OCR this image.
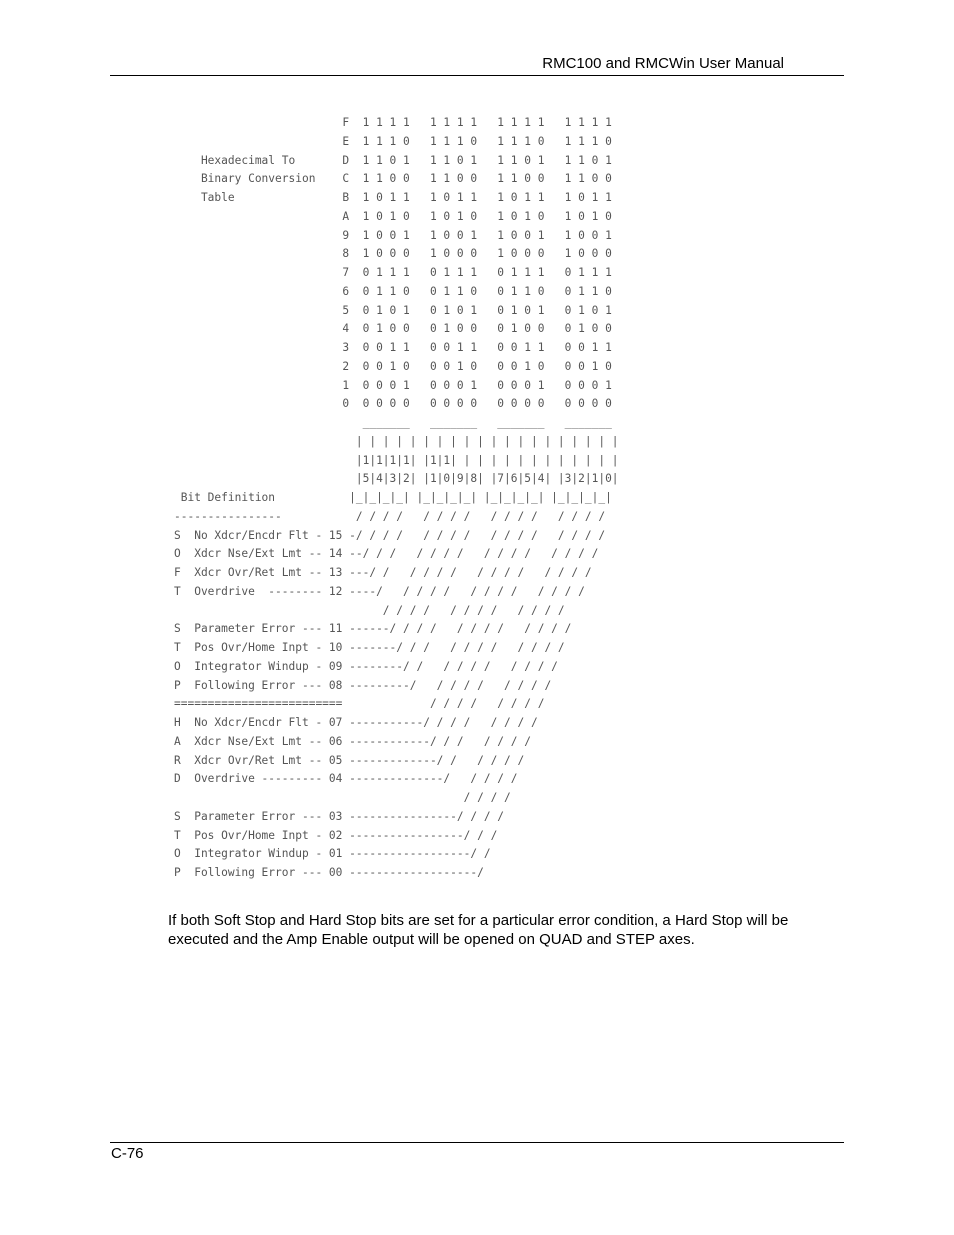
RMC100 and RMCWin User Manual
F  1 1 1 1   1 1 1 1   1 1 1 1   1 1 1 1
E  1 1 1 0   1 1 1 0   1 1 1 0   1 1 1 0
Hexadecimal To       D  1 1 0 1   1 1 0 1   1 1 0 1   1 1 0 1
Binary Conversion    C  1 1 0 0   1 1 0 0   1 1 0 0   1 1 0 0
Table                B  1 0 1 1   1 0 1 1   1 0 1 1   1 0 1 1
A  1 0 1 0   1 0 1 0   1 0 1 0   1 0 1 0
9  1 0 0 1   1 0 0 1   1 0 0 1   1 0 0 1
8  1 0 0 0   1 0 0 0   1 0 0 0   1 0 0 0
7  0 1 1 1   0 1 1 1   0 1 1 1   0 1 1 1
6  0 1 1 0   0 1 1 0   0 1 1 0   0 1 1 0
5  0 1 0 1   0 1 0 1   0 1 0 1   0 1 0 1
4  0 1 0 0   0 1 0 0   0 1 0 0   0 1 0 0
3  0 0 1 1   0 0 1 1   0 0 1 1   0 0 1 1
2  0 0 1 0   0 0 1 0   0 0 1 0   0 0 1 0
1  0 0 0 1   0 0 0 1   0 0 0 1   0 0 0 1
0  0 0 0 0   0 0 0 0   0 0 0 0   0 0 0 0
_______   _______   _______   _______
| | | | | | | | | | | | | | | | | | | |
|1|1|1|1| |1|1| | | | | | | | | | | | |
|5|4|3|2| |1|0|9|8| |7|6|5|4| |3|2|1|0|
Bit Definition           |_|_|_|_| |_|_|_|_| |_|_|_|_| |_|_|_|_|
----------------           / / / /   / / / /   / / / /   / / / /
S  No Xdcr/Encdr Flt - 15 -/ / / /   / / / /   / / / /   / / / /
O  Xdcr Nse/Ext Lmt -- 14 --/ / /   / / / /   / / / /   / / / /
F  Xdcr Ovr/Ret Lmt -- 13 ---/ /   / / / /   / / / /   / / / /
T  Overdrive  -------- 12 ----/   / / / /   / / / /   / / / /
/ / / /   / / / /   / / / /
S  Parameter Error --- 11 ------/ / / /   / / / /   / / / /
T  Pos Ovr/Home Inpt - 10 -------/ / /   / / / /   / / / /
O  Integrator Windup - 09 --------/ /   / / / /   / / / /
P  Following Error --- 08 ---------/   / / / /   / / / /
=========================             / / / /   / / / /
H  No Xdcr/Encdr Flt - 07 -----------/ / / /   / / / /
A  Xdcr Nse/Ext Lmt -- 06 ------------/ / /   / / / /
R  Xdcr Ovr/Ret Lmt -- 05 -------------/ /   / / / /
D  Overdrive --------- 04 --------------/   / / / /
/ / / /
S  Parameter Error --- 03 ----------------/ / / /
T  Pos Ovr/Home Inpt - 02 -----------------/ / /
O  Integrator Windup - 01 ------------------/ /
P  Following Error --- 00 -------------------/
If both Soft Stop and Hard Stop bits are set for a particular error condition, a Hard Stop will be executed and the Amp Enable output will be opened on QUAD and STEP axes.
C-76
